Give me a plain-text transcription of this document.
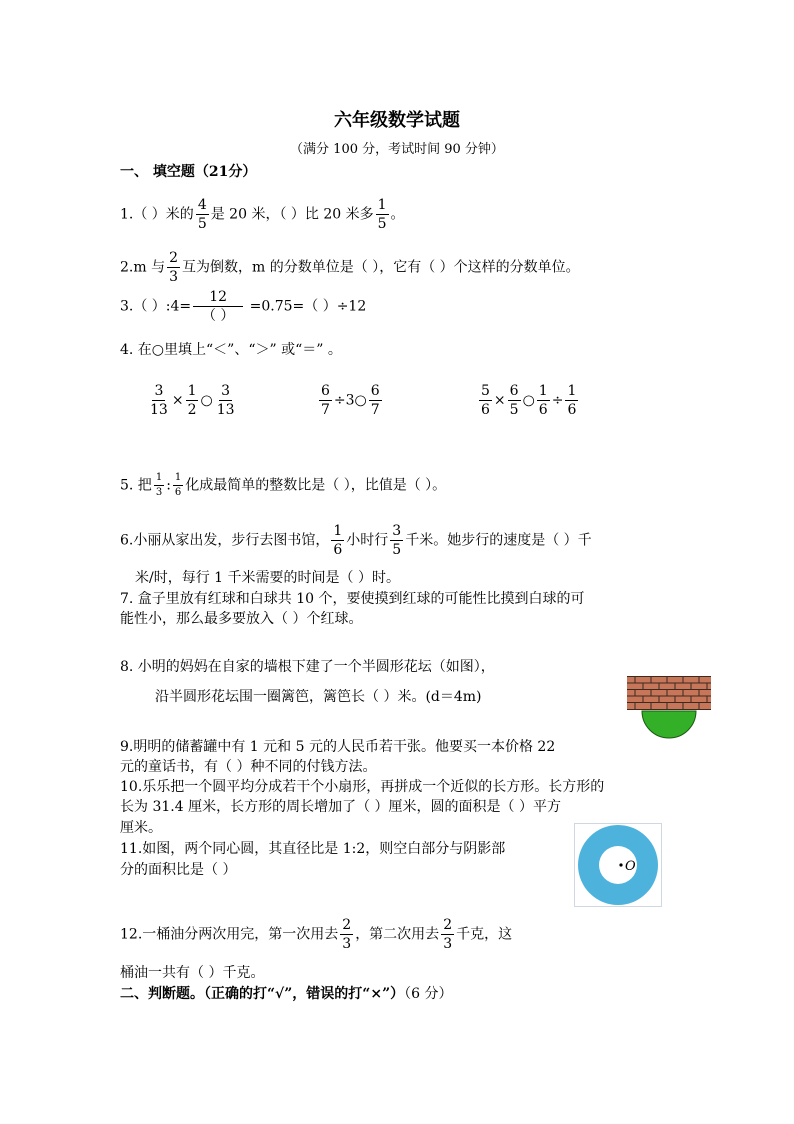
六年级数学试题
（满分 100 分，考试时间 90 分钟）
一、 填空题（21分）
1.（ ）米的 $\frac{4}{5}$ 是 20 米，（ ）比 20 米多 $\frac{1}{5}$ 。
2.m 与 $\frac{2}{3}$ 互为倒数，m 的分数单位是（ ），它有（ ）个这样的分数单位。
3.（ ）:4= $\frac{12}{( )} =0.75=$（ ）÷12
4. 在○里填上“＜”、“＞” 或“＝” 。
$\frac{3}{13} \times \frac{1}{2}$ ○ $\frac{3}{13}$	$\frac{6}{7}$ ÷3○ $\frac{6}{7}$	$\frac{5}{6} \times \frac{6}{5}$ ○ $\frac{1}{6} \div \frac{1}{6}$
5. 把 $\frac{1}{3}$ : $\frac{1}{6}$ 化成最简单的整数比是（ ），比值是（ ）。
6.小丽从家出发，步行去图书馆， $\frac{1}{6}$ 小时行 $\frac{3}{5}$ 千米。她步行的速度是（ ）千
米/时，每行 1 千米需要的时间是（ ）时。
7. 盒子里放有红球和白球共 10 个，要使摸到红球的可能性比摸到白球的可
能性小，那么最多要放入（ ）个红球。
8. 小明的妈妈在自家的墙根下建了一个半圆形花坛（如图），
沿半圆形花坛围一圈篱笆，篱笆长（ ）米。(d＝4m)
9.明明的储蓄罐中有 1 元和 5 元的人民币若干张。他要买一本价格 22
元的童话书，有（ ）种不同的付钱方法。
10.乐乐把一个圆平均分成若干个小扇形，再拼成一个近似的长方形。长方形的
长为 31.4 厘米，长方形的周长增加了（ ）厘米，圆的面积是（ ）平方
厘米。
11.如图，两个同心圆，其直径比是 1:2，则空白部分与阴影部
分的面积比是（ ）	O
12.一桶油分两次用完，第一次用去 $\frac{2}{3}$ ，第二次用去 $\frac{2}{3}$ 千克，这
桶油一共有（ ）千克。
二、判断题。（正确的打“√”，错误的打“×”）（6 分）
